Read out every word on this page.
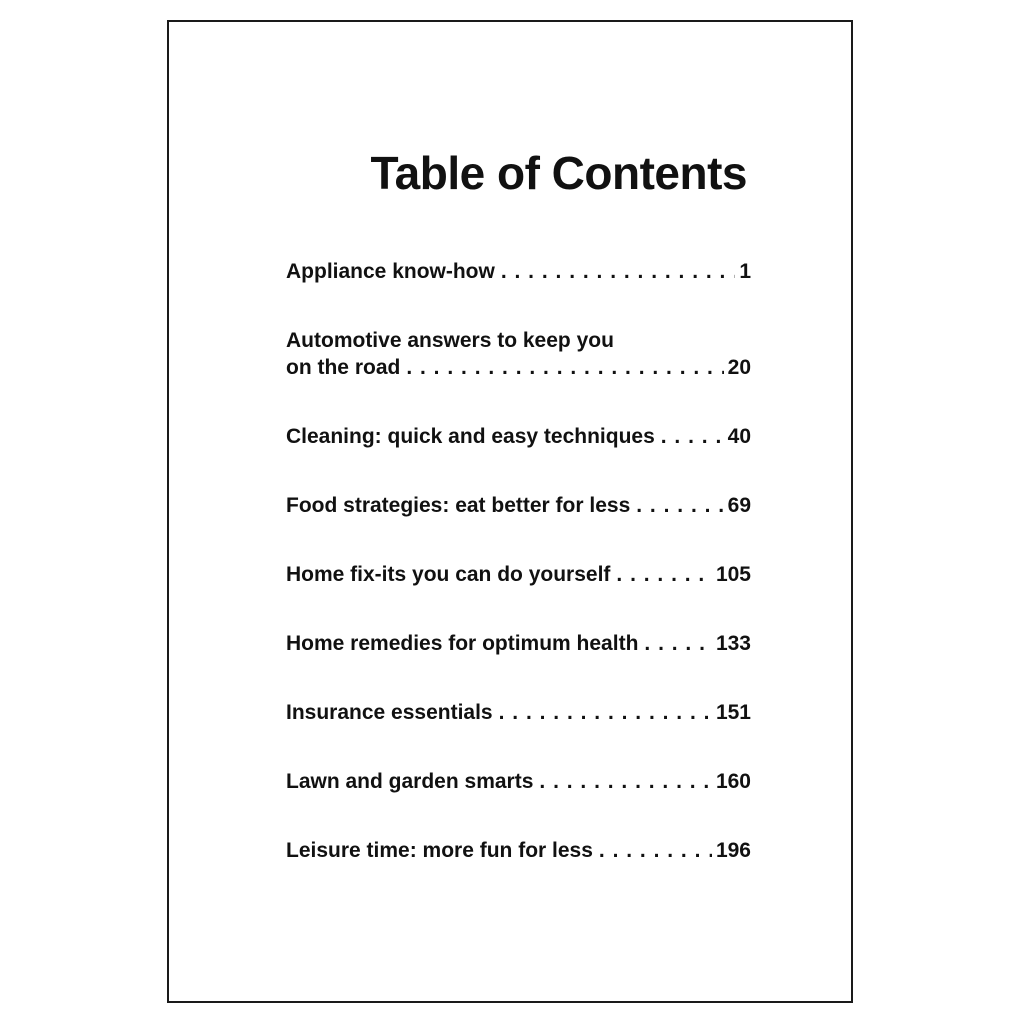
Table of Contents
Appliance know-how . . .	1
Automotive answers to keep you
on the road . . .	20
Cleaning: quick and easy techniques . . .	40
Food strategies: eat better for less . . .	69
Home fix-its you can do yourself . . .	105
Home remedies for optimum health . . .	133
Insurance essentials . . .	151
Lawn and garden smarts . . .	160
Leisure time: more fun for less . . .	196
